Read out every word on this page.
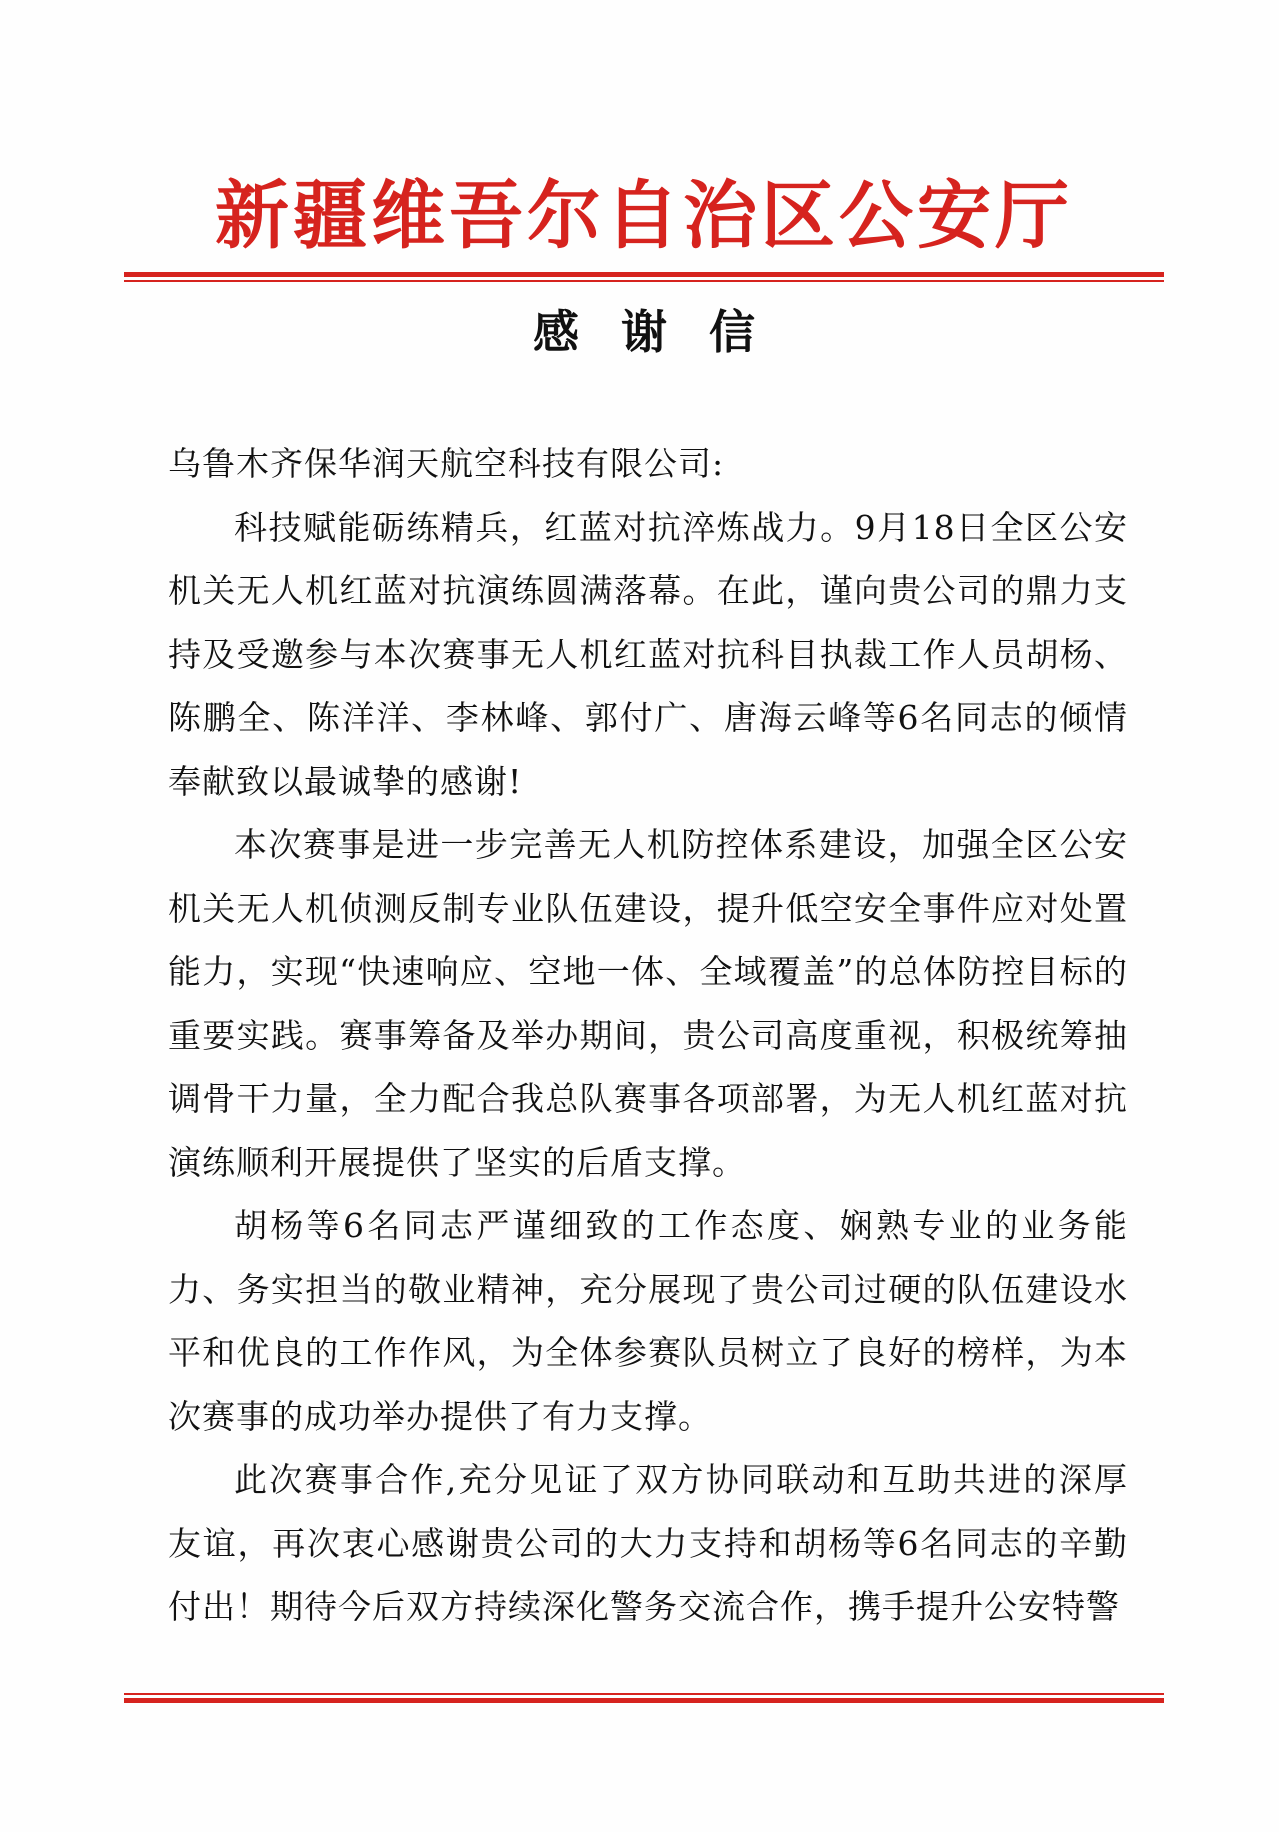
新疆维吾尔自治区公安厅
感谢信

乌鲁木齐保华润天航空科技有限公司:

科技赋能砺练精兵，红蓝对抗淬炼战力。9月18日全区公安机关无人机红蓝对抗演练圆满落幕。在此，谨向贵公司的鼎力支持及受邀参与本次赛事无人机红蓝对抗科目执裁工作人员胡杨、陈鹏全、陈洋洋、李林峰、郭付广、唐海云峰等6名同志的倾情奉献致以最诚挚的感谢!

本次赛事是进一步完善无人机防控体系建设，加强全区公安机关无人机侦测反制专业队伍建设，提升低空安全事件应对处置能力，实现“快速响应、空地一体、全域覆盖”的总体防控目标的重要实践。赛事筹备及举办期间，贵公司高度重视，积极统筹抽调骨干力量，全力配合我总队赛事各项部署，为无人机红蓝对抗演练顺利开展提供了坚实的后盾支撑。

胡杨等6名同志严谨细致的工作态度、娴熟专业的业务能力、务实担当的敬业精神，充分展现了贵公司过硬的队伍建设水平和优良的工作作风，为全体参赛队员树立了良好的榜样，为本次赛事的成功举办提供了有力支撑。

此次赛事合作,充分见证了双方协同联动和互助共进的深厚友谊，再次衷心感谢贵公司的大力支持和胡杨等6名同志的辛勤付出！期待今后双方持续深化警务交流合作，携手提升公安特警
